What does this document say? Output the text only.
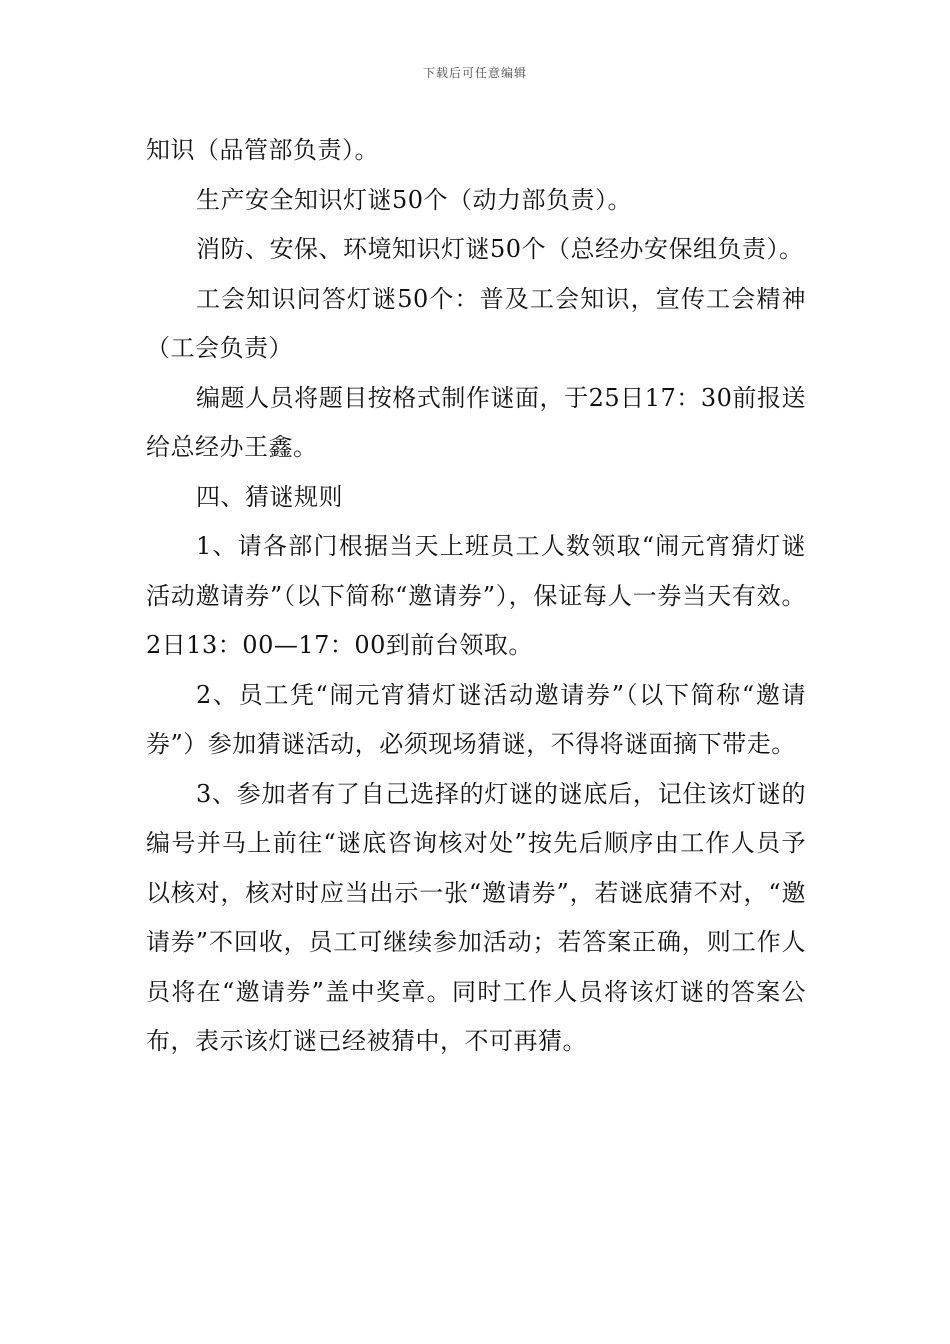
下载后可任意编辑

知识（品管部负责）。

生产安全知识灯谜50个（动力部负责）。

消防、安保、环境知识灯谜50个（总经办安保组负责）。

工会知识问答灯谜50个：普及工会知识，宣传工会精神（工会负责）

编题人员将题目按格式制作谜面，于25日17：30前报送给总经办王鑫。

四、猜谜规则

1、请各部门根据当天上班员工人数领取“闹元宵猜灯谜活动邀请券”（以下简称“邀请券”），保证每人一券当天有效。2日13：00—17：00到前台领取。

2、员工凭“闹元宵猜灯谜活动邀请券”（以下简称“邀请券”）参加猜谜活动，必须现场猜谜，不得将谜面摘下带走。

3、参加者有了自己选择的灯谜的谜底后，记住该灯谜的编号并马上前往“谜底咨询核对处”按先后顺序由工作人员予以核对，核对时应当出示一张“邀请券”，若谜底猜不对，“邀请券”不回收，员工可继续参加活动；若答案正确，则工作人员将在“邀请券”盖中奖章。同时工作人员将该灯谜的答案公布，表示该灯谜已经被猜中，不可再猜。
